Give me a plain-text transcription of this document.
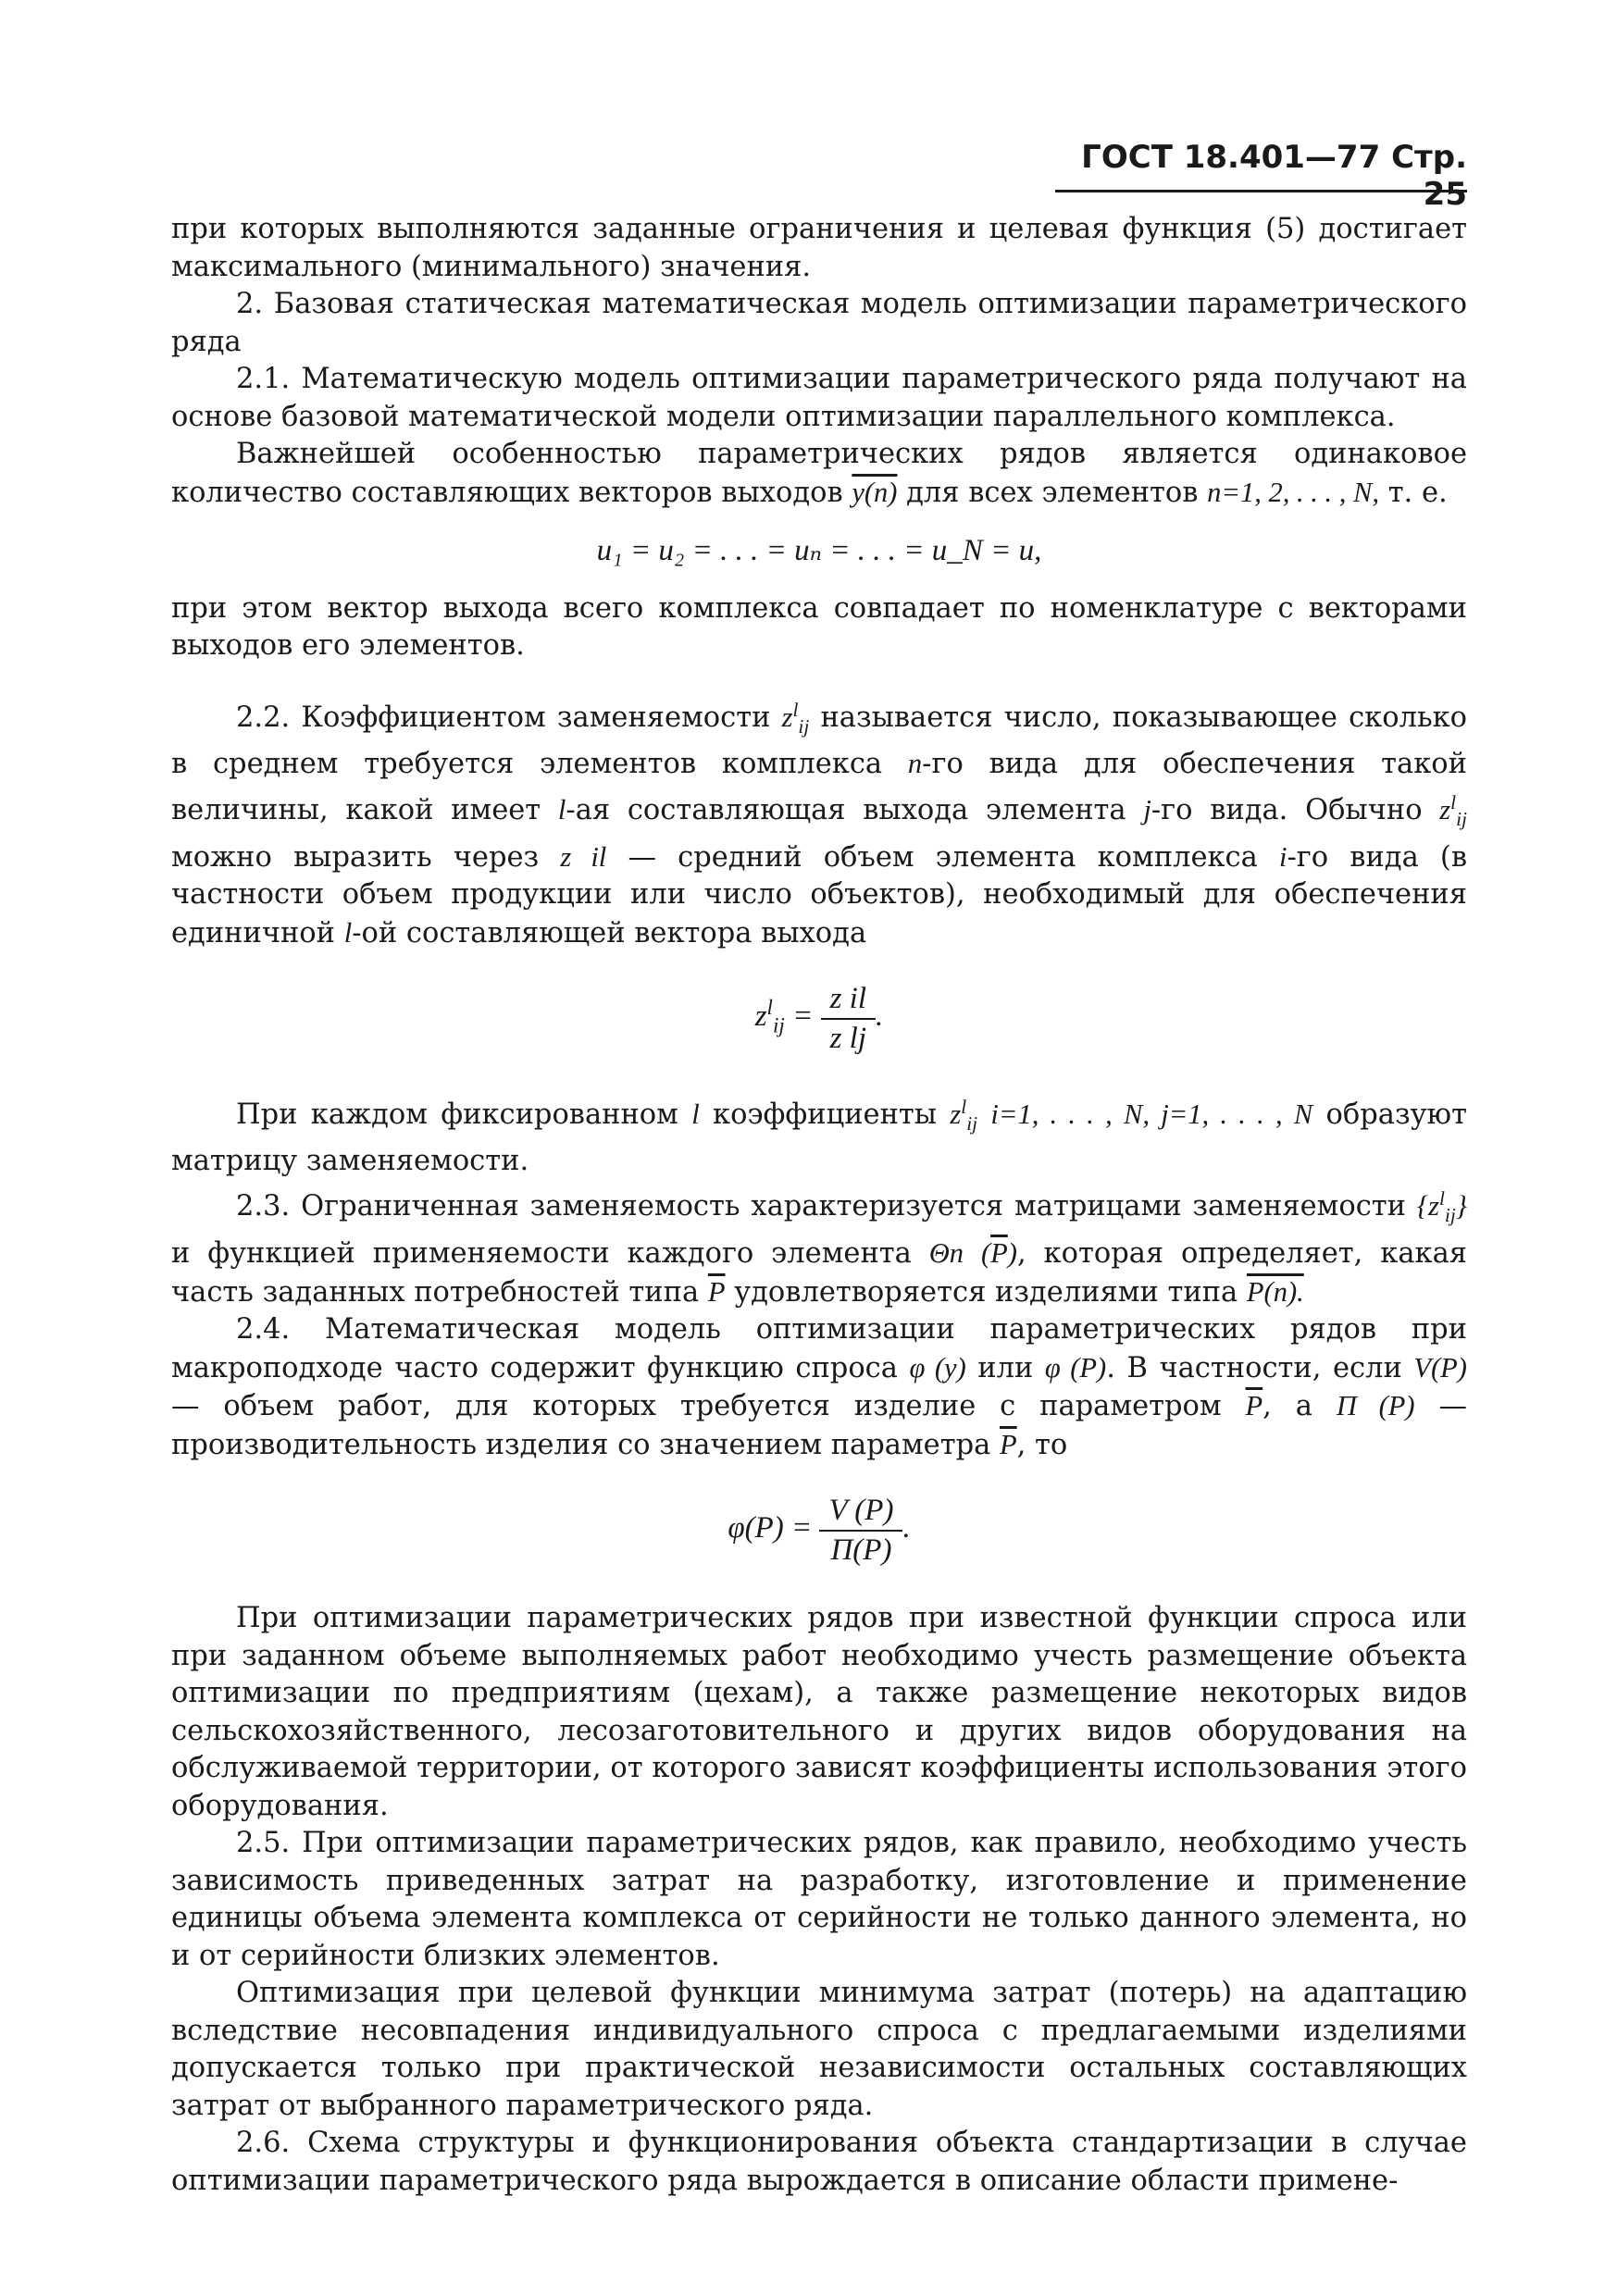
ГОСТ 18.401—77 Стр. 25

при которых выполняются заданные ограничения и целевая функция (5) достигает максимального (минимального) значения.

2. Базовая статическая математическая модель оптимизации параметрического ряда

2.1. Математическую модель оптимизации параметрического ряда получают на основе базовой математической модели оптимизации параллельного комплекса.

Важнейшей особенностью параметрических рядов является одинаковое количество составляющих векторов выходов y(n) для всех элементов n=1, 2, . . . , N, т. е.

u₁ = u₂ = . . . = uₙ = . . . = u_N = u,

при этом вектор выхода всего комплекса совпадает по номенклатуре с векторами выходов его элементов.

2.2. Коэффициентом заменяемости $z^l_{ij}$ называется число, показывающее сколько в среднем требуется элементов комплекса n-го вида для обеспечения такой величины, какой имеет l-ая составляющая выхода элемента j-го вида. Обычно $z^l_{ij}$ можно выразить через z il — средний объем элемента комплекса i-го вида (в частности объем продукции или число объектов), необходимый для обеспечения единичной l-ой составляющей вектора выхода

$z^l_{ij} = \frac{\text{z il}}{\text{z lj}}$ .

При каждом фиксированном l коэффициенты $z^l_{ij}$ i=1, . . . , N, j=1, . . . , N образуют матрицу заменяемости.

2.3. Ограниченная заменяемость характеризуется матрицами заменяемости $\{z^l_{ij}\}$ и функцией применяемости каждого элемента Θn $(\overline{P})$, которая определяет, какая часть заданных потребностей типа $\overline{P}$ удовлетворяется изделиями типа P(n).

2.4. Математическая модель оптимизации параметрических рядов при макроподходе часто содержит функцию спроса φ (y) или φ (P). В частности, если V(P) — объем работ, для которых требуется изделие с параметром $\overline{P}$, а П (P) — производительность изделия со значением параметра $\overline{P}$, то

$\varphi(P) = \frac{V (P)}{П(P)}$ .

При оптимизации параметрических рядов при известной функции спроса или при заданном объеме выполняемых работ необходимо учесть размещение объекта оптимизации по предприятиям (цехам), а также размещение некоторых видов сельскохозяйственного, лесозаготовительного и других видов оборудования на обслуживаемой территории, от которого зависят коэффициенты использования этого оборудования.

2.5. При оптимизации параметрических рядов, как правило, необходимо учесть зависимость приведенных затрат на разработку, изготовление и применение единицы объема элемента комплекса от серийности не только данного элемента, но и от серийности близких элементов.

Оптимизация при целевой функции минимума затрат (потерь) на адаптацию вследствие несовпадения индивидуального спроса с предлагаемыми изделиями допускается только при практической независимости остальных составляющих затрат от выбранного параметрического ряда.

2.6. Схема структуры и функционирования объекта стандартизации в случае оптимизации параметрического ряда вырождается в описание области примене-
